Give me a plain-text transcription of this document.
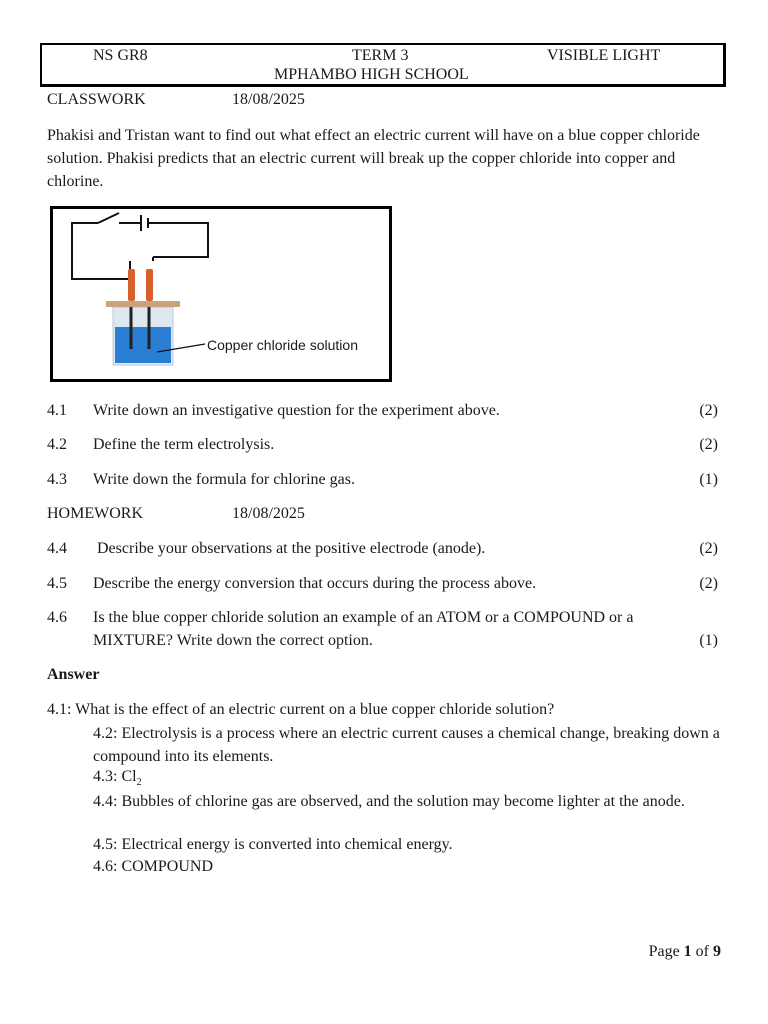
NS GR8	TERM 3	VISIBLE LIGHT
MPHAMBO HIGH SCHOOL
CLASSWORK	18/08/2025
Phakisi and Tristan want to find out what effect an electric current will have on a blue copper chloride solution. Phakisi predicts that an electric current will break up the copper chloride into copper and chlorine.
Copper chloride solution
4.1 Write down an investigative question for the experiment above.	(2)
4.2 Define the term electrolysis.	(2)
4.3 Write down the formula for chlorine gas.	(1)
HOMEWORK	18/08/2025
4.4 Describe your observations at the positive electrode (anode).	(2)
4.5 Describe the energy conversion that occurs during the process above.	(2)
4.6 Is the blue copper chloride solution an example of an ATOM or a COMPOUND or a
MIXTURE? Write down the correct option.	(1)
Answer
4.1: What is the effect of an electric current on a blue copper chloride solution?
4.2: Electrolysis is a process where an electric current causes a chemical change, breaking down a compound into its elements.
4.3: $Cl_2$
4.4: Bubbles of chlorine gas are observed, and the solution may become lighter at the anode.
4.5: Electrical energy is converted into chemical energy.
4.6: COMPOUND
Page 1 of 9
